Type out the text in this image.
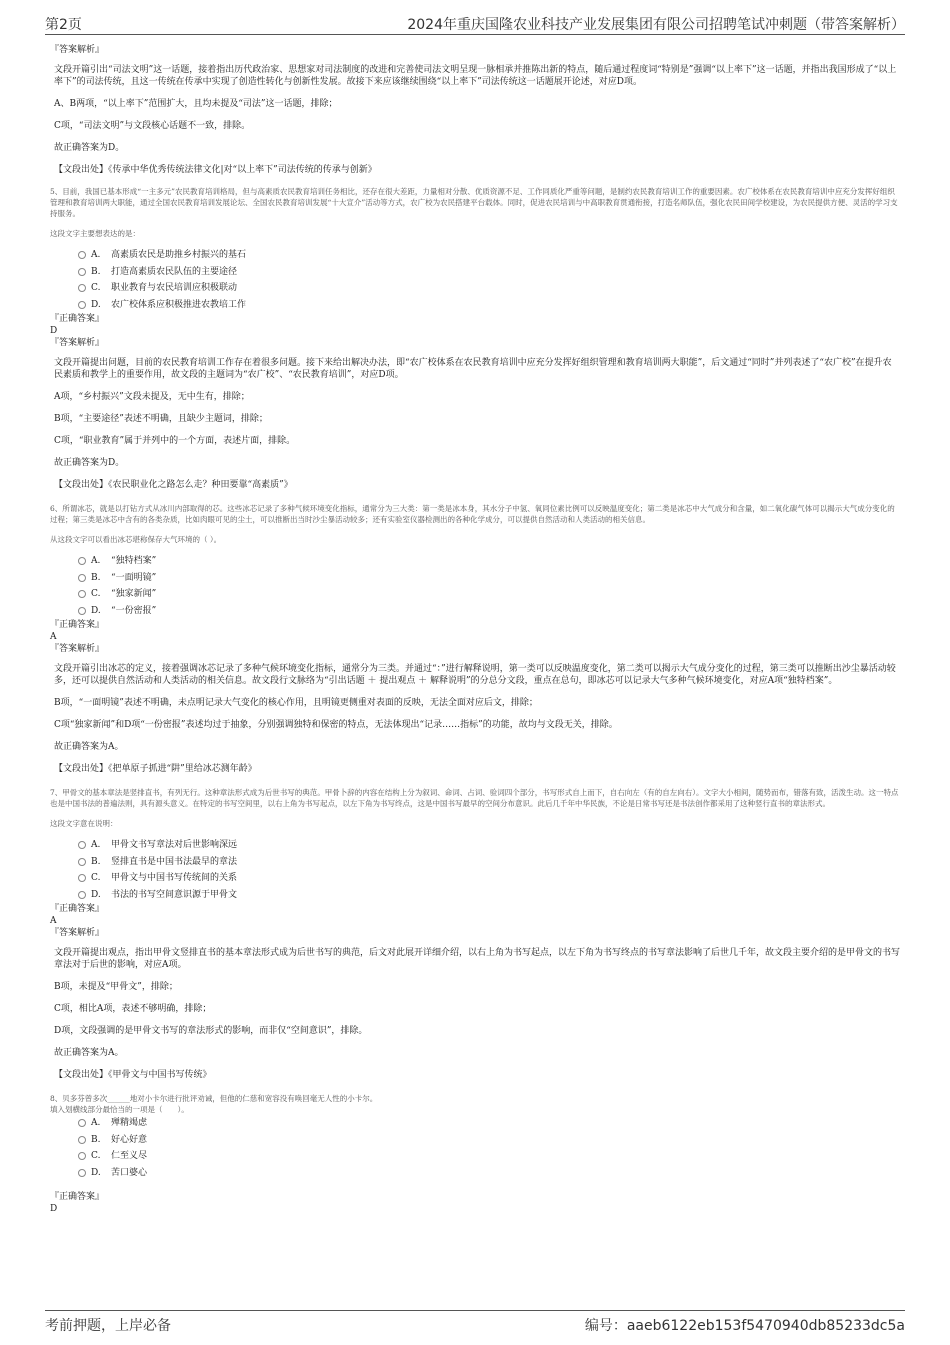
第2页	2024年重庆国隆农业科技产业发展集团有限公司招聘笔试冲刺题（带答案解析）

『答案解析』

文段开篇引出“司法文明”这一话题，接着指出历代政治家、思想家对司法制度的改进和完善使司法文明呈现一脉相承并推陈出新的特点，随后通过程度词“特别是”强调“以上率下”这一话题，并指出我国形成了“以上率下”的司法传统，且这一传统在传承中实现了创造性转化与创新性发展。故接下来应该继续围绕“以上率下”司法传统这一话题展开论述，对应D项。

A、B两项，“以上率下”范围扩大，且均未提及“司法”这一话题，排除；

C项，“司法文明”与文段核心话题不一致，排除。

故正确答案为D。

【文段出处】《传承中华优秀传统法律文化|对“以上率下”司法传统的传承与创新》

5、目前，我国已基本形成“一主多元”农民教育培训格局，但与高素质农民教育培训任务相比，还存在很大差距，力量相对分散、优质资源不足、工作同质化严重等问题，是制约农民教育培训工作的重要因素。农广校体系在农民教育培训中应充分发挥好组织管理和教育培训两大职能，通过全国农民教育培训发展论坛、全国农民教育培训发展“十大宣介”活动等方式，农广校为农民搭建平台载体。同时，促进农民培训与中高职教育贯通衔接，打造名师队伍，强化农民田间学校建设，为农民提供方便、灵活的学习支持服务。

这段文字主要想表达的是：

A.	高素质农民是助推乡村振兴的基石
B.	打造高素质农民队伍的主要途径
C.	职业教育与农民培训应积极联动
D.	农广校体系应积极推进农教培工作

『正确答案』

D

『答案解析』

文段开篇提出问题，目前的农民教育培训工作存在着很多问题。接下来给出解决办法，即“农广校体系在农民教育培训中应充分发挥好组织管理和教育培训两大职能”，后文通过“同时”并列表述了“农广校”在提升农民素质和教学上的重要作用，故文段的主题词为“农广校”、“农民教育培训”，对应D项。

A项，“乡村振兴”文段未提及，无中生有，排除；

B项，“主要途径”表述不明确，且缺少主题词，排除；

C项，“职业教育”属于并列中的一个方面，表述片面，排除。

故正确答案为D。

【文段出处】《农民职业化之路怎么走？种田要靠“高素质”》

6、所谓冰芯，就是以打钻方式从冰川内部取得的芯。这些冰芯记录了多种气候环境变化指标，通常分为三大类：第一类是冰本身，其水分子中氢、氧同位素比例可以反映温度变化；第二类是冰芯中大气成分和含量，如二氧化碳气体可以揭示大气成分变化的过程；第三类是冰芯中含有的各类杂质，比如肉眼可见的尘土，可以推断出当时沙尘暴活动较多；还有实验室仪器检测出的各种化学成分，可以提供自然活动和人类活动的相关信息。

从这段文字可以看出冰芯堪称保存大气环境的（ ）。

A.	“独特档案”
B.	“一面明镜”
C.	“独家新闻”
D.	“一份密报”

『正确答案』

A

『答案解析』

文段开篇引出冰芯的定义，接着强调冰芯记录了多种气候环境变化指标，通常分为三类。并通过“：”进行解释说明，第一类可以反映温度变化，第二类可以揭示大气成分变化的过程，第三类可以推断出沙尘暴活动较多，还可以提供自然活动和人类活动的相关信息。故文段行文脉络为“引出话题 ＋ 提出观点 ＋ 解释说明”的分总分文段，重点在总句，即冰芯可以记录大气多种气候环境变化，对应A项“独特档案”。

B项，“一面明镜”表述不明确，未点明记录大气变化的核心作用，且明镜更侧重对表面的反映，无法全面对应后文，排除；

C项“独家新闻”和D项“一份密报”表述均过于抽象，分别强调独特和保密的特点，无法体现出“记录……指标”的功能，故均与文段无关，排除。

故正确答案为A。

【文段出处】《把单原子抓进“阱”里给冰芯测年龄》

7、甲骨文的基本章法是竖排直书，有列无行。这种章法形式成为后世书写的典范。甲骨卜辞的内容在结构上分为叙词、命词、占词、验词四个部分，书写形式自上而下，自右向左（有的自左向右）。文字大小相间，随势而布，错落有致，活泼生动。这一特点也是中国书法的普遍法则，具有源头意义。在特定的书写空间里，以右上角为书写起点，以左下角为书写终点，这是中国书写最早的空间分布意识。此后几千年中华民族，不论是日常书写还是书法创作都采用了这种竖行直书的章法形式。

这段文字意在说明：

A.	甲骨文书写章法对后世影响深远
B.	竖排直书是中国书法最早的章法
C.	甲骨文与中国书写传统间的关系
D.	书法的书写空间意识源于甲骨文

『正确答案』

A

『答案解析』

文段开篇提出观点，指出甲骨文竖排直书的基本章法形式成为后世书写的典范，后文对此展开详细介绍，以右上角为书写起点，以左下角为书写终点的书写章法影响了后世几千年，故文段主要介绍的是甲骨文的书写章法对于后世的影响，对应A项。

B项，未提及“甲骨文”，排除；

C项，相比A项，表述不够明确，排除；

D项，文段强调的是甲骨文书写的章法形式的影响，而非仅“空间意识”，排除。

故正确答案为A。

【文段出处】《甲骨文与中国书写传统》

8、贝多芬曾多次______地对小卡尔进行批评劝诫，但他的仁慈和宽容没有唤回毫无人性的小卡尔。

填入划横线部分最恰当的一项是（　　）。

A.	殚精竭虑
B.	好心好意
C.	仁至义尽
D.	苦口婆心

『正确答案』

D

考前押题，上岸必备	编号：aaeb6122eb153f5470940db85233dc5a
